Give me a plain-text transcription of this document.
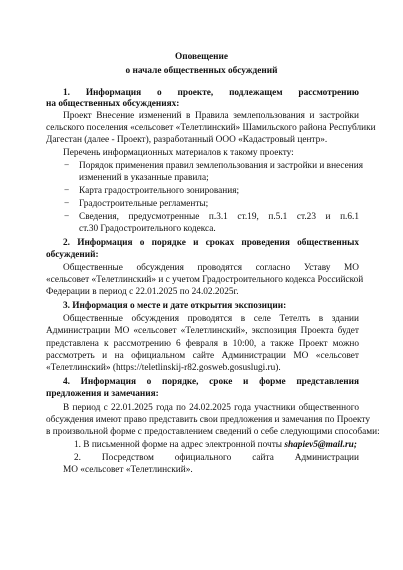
Оповещение
о начале общественных обсуждений
1. Информация о проекте, подлежащем рассмотрению
на общественных обсуждениях:
Проект Внесение изменений в Правила землепользования и застройки
сельского поселения «сельсовет «Телетлинский» Шамильского района Республики
Дагестан (далее - Проект), разработанный ООО «Кадастровый центр».
Перечень информационных материалов к такому проекту:
− Порядок применения правил землепользования и застройки и внесения
изменений в указанные правила;
− Карта градостроительного зонирования;
− Градостроительные регламенты;
− Сведения, предусмотренные п.3.1 ст.19, п.5.1 ст.23 и п.6.1
ст.30 Градостроительного кодекса.
2. Информация о порядке и сроках проведения общественных
обсуждений:
Общественные обсуждения проводятся согласно Уставу МО
«сельсовет «Телетлинский» и с учетом Градостроительного кодекса Российской
Федерации в период с 22.01.2025 по 24.02.2025г.
3. Информация о месте и дате открытия экспозиции:
Общественные обсуждения проводятся в селе Тетелть в здании
Администрации МО «сельсовет «Телетлинский», экспозиция Проекта будет
представлена к рассмотрению 6 февраля в 10:00, а также Проект можно
рассмотреть и на официальном сайте Администрации МО «сельсовет
«Телетлинский» (https://teletlinskij-r82.gosweb.gosuslugi.ru).
4. Информация о порядке, сроке и форме представления
предложения и замечания:
В период с 22.01.2025 года по 24.02.2025 года участники общественного
обсуждения имеют право представить свои предложения и замечания по Проекту
в произвольной форме с предоставлением сведений о себе следующими способами:
1. В письменной форме на адрес электронной почты shapiev5@mail.ru;
2. Посредством официального сайта Администрации
МО «сельсовет «Телетлинский».
